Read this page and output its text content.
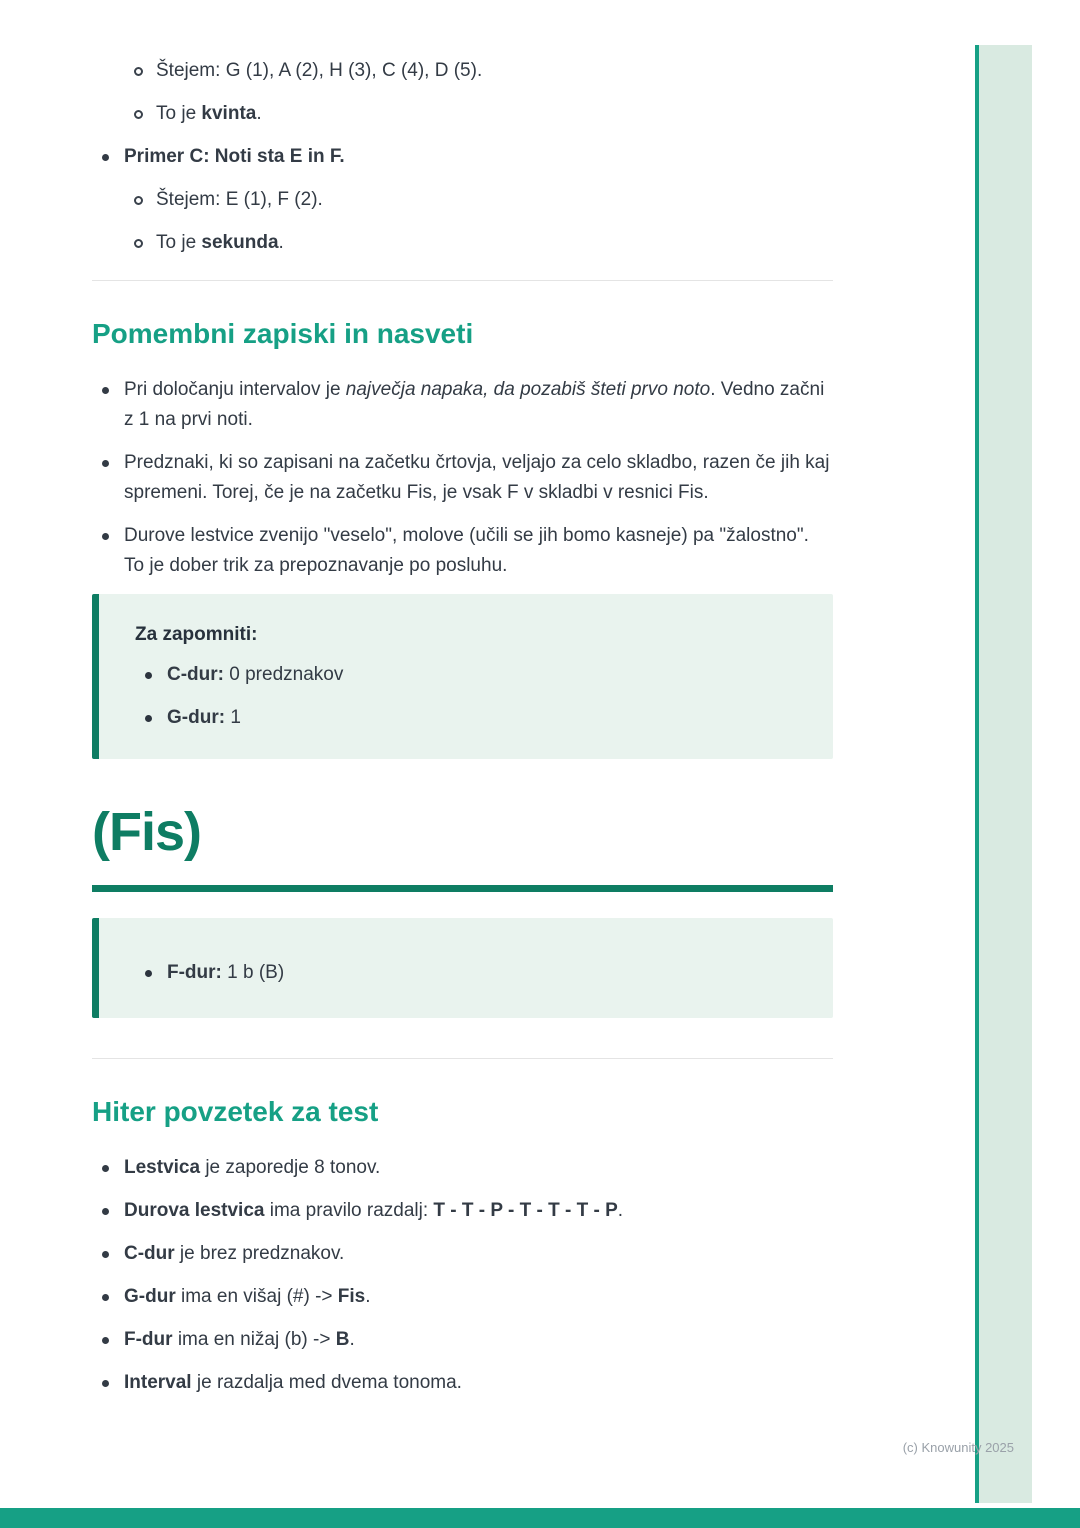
Štejem: G (1), A (2), H (3), C (4), D (5).
To je kvinta.
Primer C: Noti sta E in F.
Štejem: E (1), F (2).
To je sekunda.
Pomembni zapiski in nasveti
Pri določanju intervalov je največja napaka, da pozabiš šteti prvo noto. Vedno začni z 1 na prvi noti.
Predznaki, ki so zapisani na začetku črtovja, veljajo za celo skladbo, razen če jih kaj spremeni. Torej, če je na začetku Fis, je vsak F v skladbi v resnici Fis.
Durove lestvice zvenijo "veselo", molove (učili se jih bomo kasneje) pa "žalostno". To je dober trik za prepoznavanje po posluhu.

Za zapomniti:

C-dur: 0 predznakov
G-dur: 1
(Fis)
F-dur: 1 b (B)
Hiter povzetek za test
Lestvica je zaporedje 8 tonov.
Durova lestvica ima pravilo razdalj: T - T - P - T - T - T - P.
C-dur je brez predznakov.
G-dur ima en višaj (#) -> Fis.
F-dur ima en nižaj (b) -> B.
Interval je razdalja med dvema tonoma.
(c) Knowunity 2025
